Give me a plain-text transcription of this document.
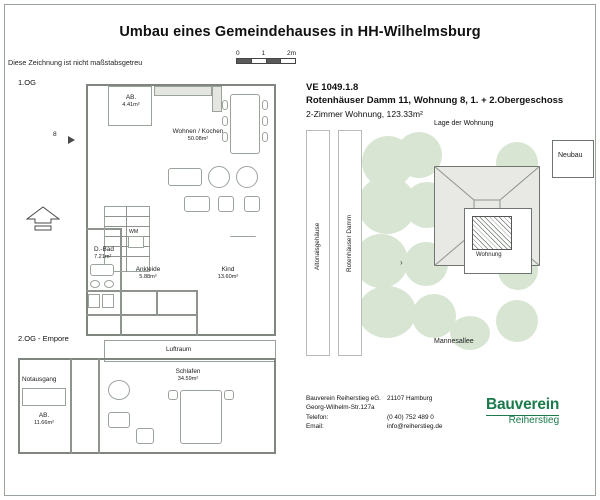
Umbau eines Gemeindehauses in HH-Wilhelmsburg
Diese Zeichnung ist nicht maßstabsgetreu
0	1	2m
1.OG
AB.
4.41m²
Wohnen / Kochen
50.08m²
8
D.-Bad
7.21m²
WM
Ankleide
5.88m²
Kind
13.60m²
2.OG - Empore
Luftraum
Notausgang
AB.
11.66m²
Schlafen
34.59m²
VE 1049.1.8
Rotenhäuser Damm 11, Wohnung 8, 1. + 2.Obergeschoss
2-Zimmer Wohnung, 123.33m²
Lage der Wohnung
Altonaisgehäuse	Rotenhäuser Damm	Wohnung
›
Neubau
Mannesallee
Bauverein Reiherstieg eG.	21107 Hamburg
Georg-Wilhelm-Str.127a	
Telefon:	(0 40) 752 489 0
Email:	info@reiherstieg.de
Bauverein
Reiherstieg
